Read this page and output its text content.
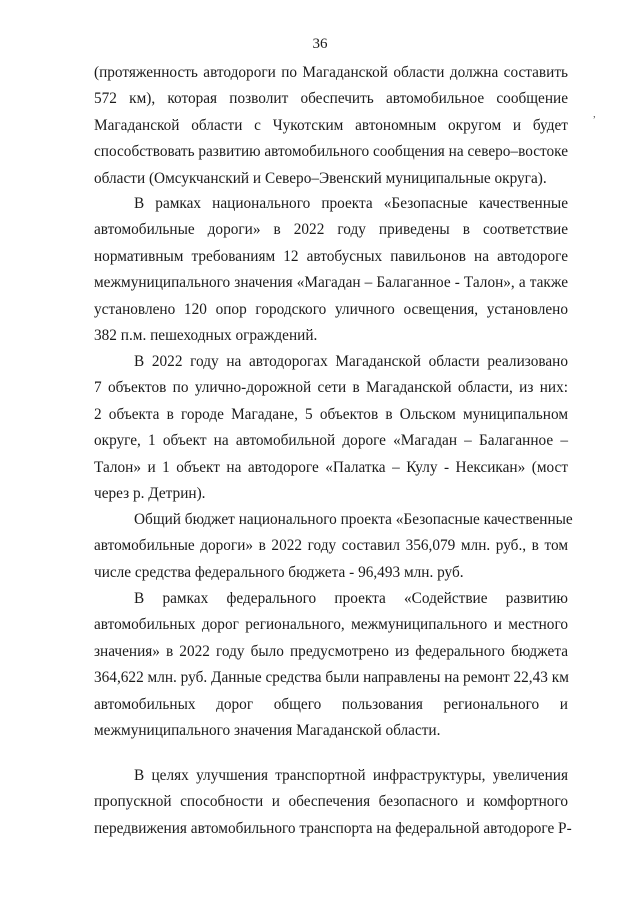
36
,
(протяженность автодороги по Магаданской области должна составить
572 км), которая позволит обеспечить автомобильное сообщение
Магаданской области с Чукотским автономным округом и будет
способствовать развитию автомобильного сообщения на северо–востоке
области (Омсукчанский и Северо–Эвенский муниципальные округа).
В рамках национального проекта «Безопасные качественные
автомобильные дороги» в 2022 году приведены в соответствие
нормативным требованиям 12 автобусных павильонов на автодороге
межмуниципального значения «Магадан – Балаганное - Талон», а также
установлено 120 опор городского уличного освещения, установлено
382 п.м. пешеходных ограждений.
В 2022 году на автодорогах Магаданской области реализовано
7 объектов по улично-дорожной сети в Магаданской области, из них:
2 объекта в городе Магадане, 5 объектов в Ольском муниципальном
округе, 1 объект на автомобильной дороге «Магадан – Балаганное –
Талон» и 1 объект на автодороге «Палатка – Кулу - Нексикан» (мост
через р. Детрин).
Общий бюджет национального проекта «Безопасные качественные
автомобильные дороги» в 2022 году составил 356,079 млн. руб., в том
числе средства федерального бюджета - 96,493 млн. руб.
В рамках федерального проекта «Содействие развитию
автомобильных дорог регионального, межмуниципального и местного
значения» в 2022 году было предусмотрено из федерального бюджета
364,622 млн. руб. Данные средства были направлены на ремонт 22,43 км
автомобильных дорог общего пользования регионального и
межмуниципального значения Магаданской области.
В целях улучшения транспортной инфраструктуры, увеличения
пропускной способности и обеспечения безопасного и комфортного
передвижения автомобильного транспорта на федеральной автодороге Р-
